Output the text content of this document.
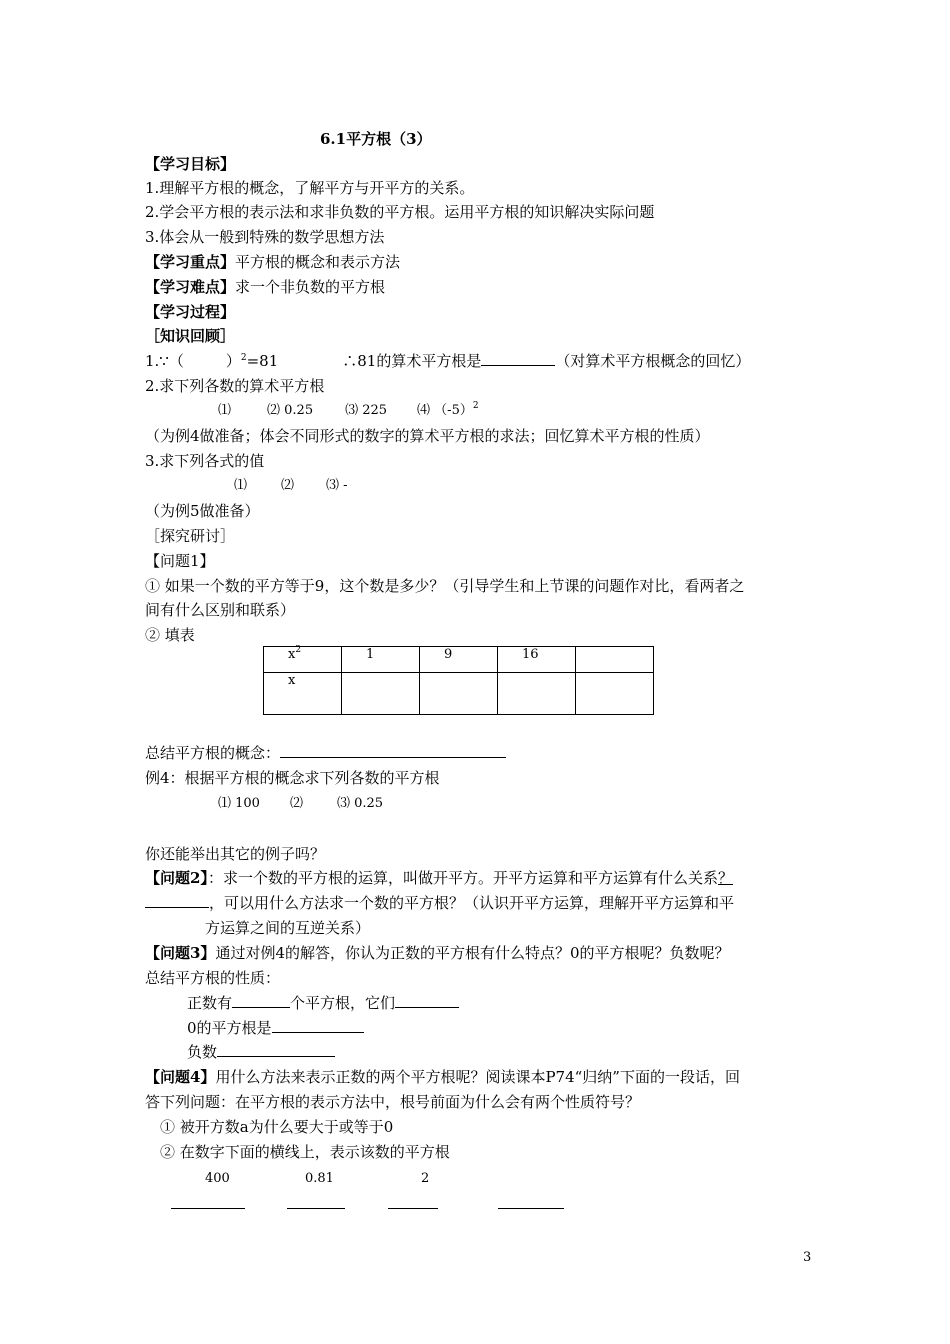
6.1平方根（3）
【学习目标】
1.理解平方根的概念，了解平方与开平方的关系。
2.学会平方根的表示法和求非负数的平方根。运用平方根的知识解决实际问题
3.体会从一般到特殊的数学思想方法
【学习重点】平方根的概念和表示方法
【学习难点】求一个非负数的平方根
【学习过程】
［知识回顾］
1.∵（	）$^2$=81	∴81的算术平方根是	（对算术平方根概念的回忆）
2.求下列各数的算术平方根
⑴	⑵ 0.25 ⑶ 225 ⑷ $(-5)^2$
（为例4做准备；体会不同形式的数字的算术平方根的求法；回忆算术平方根的性质）
3.求下列各式的值
⑴	⑵ ⑶ -
（为例5做准备）
［探究研讨］
【问题1】
① 如果一个数的平方等于9，这个数是多少？（引导学生和上节课的问题作对比，看两者之
间有什么区别和联系）
② 填表
$x^2$	1	9	16	
x				
总结平方根的概念：
例4：根据平方根的概念求下列各数的平方根
⑴ 100 ⑵	⑶ 0.25
你还能举出其它的例子吗？
【问题2】：求一个数的平方根的运算，叫做开平方。开平方运算和平方运算有什么关系？
，可以用什么方法求一个数的平方根？（认识开平方运算，理解开平方运算和平
方运算之间的互逆关系）
【问题3】通过对例4的解答，你认为正数的平方根有什么特点？0的平方根呢？负数呢？
总结平方根的性质：
正数有	个平方根，它们
0的平方根是
负数
【问题4】用什么方法来表示正数的两个平方根呢？阅读课本P74“归纳”下面的一段话，回
答下列问题：在平方根的表示方法中，根号前面为什么会有两个性质符号？
① 被开方数a为什么要大于或等于0
② 在数字下面的横线上，表示该数的平方根
400	0.81	2
3
